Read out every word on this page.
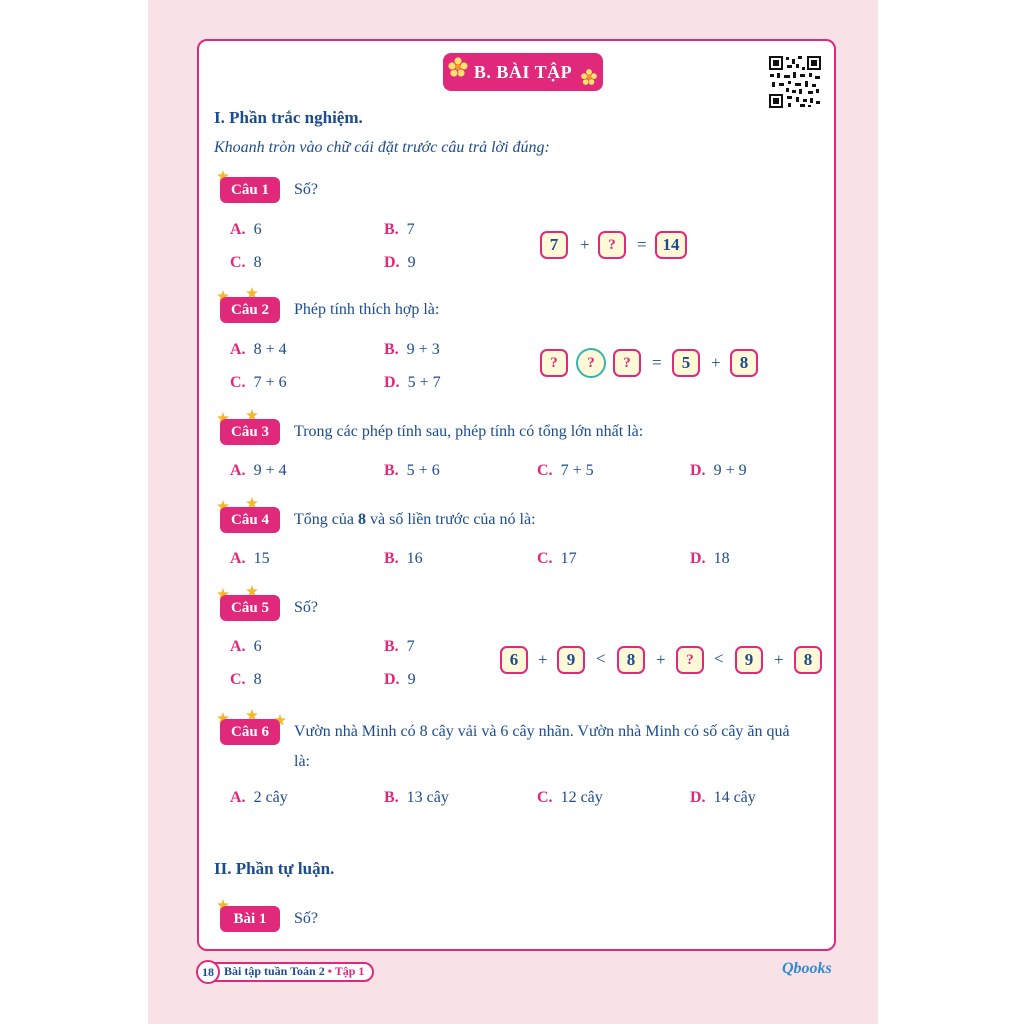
B. BÀI TẬP
I. Phần trắc nghiệm.
Khoanh tròn vào chữ cái đặt trước câu trả lời đúng:
Câu 1	Số?
A. 6	B. 7
C. 8	D. 9
7	+ ? = 14
Câu 2	Phép tính thích hợp là:
A. 8 + 4	B. 9 + 3
C. 7 + 6	D. 5 + 7
?	?	? =	5	+	8
Câu 3	Trong các phép tính sau, phép tính có tổng lớn nhất là:
A. 9 + 4	B. 5 + 6	C. 7 + 5	D. 9 + 9
Câu 4	Tổng của 8 và số liền trước của nó là:
A. 15	B. 16	C. 17	D. 18
Câu 5	Số?
A. 6	B. 7
C. 8	D. 9
6	+	9	<	8	+ ? <	9	+	8
Câu 6	Vườn nhà Minh có 8 cây vải và 6 cây nhãn. Vườn nhà Minh có số cây ăn quả
là:
A. 2 cây	B. 13 cây	C. 12 cây	D. 14 cây
II. Phần tự luận.
Bài 1	Số?
18 Bài tập tuần Toán 2 • Tập 1	Qbooks
